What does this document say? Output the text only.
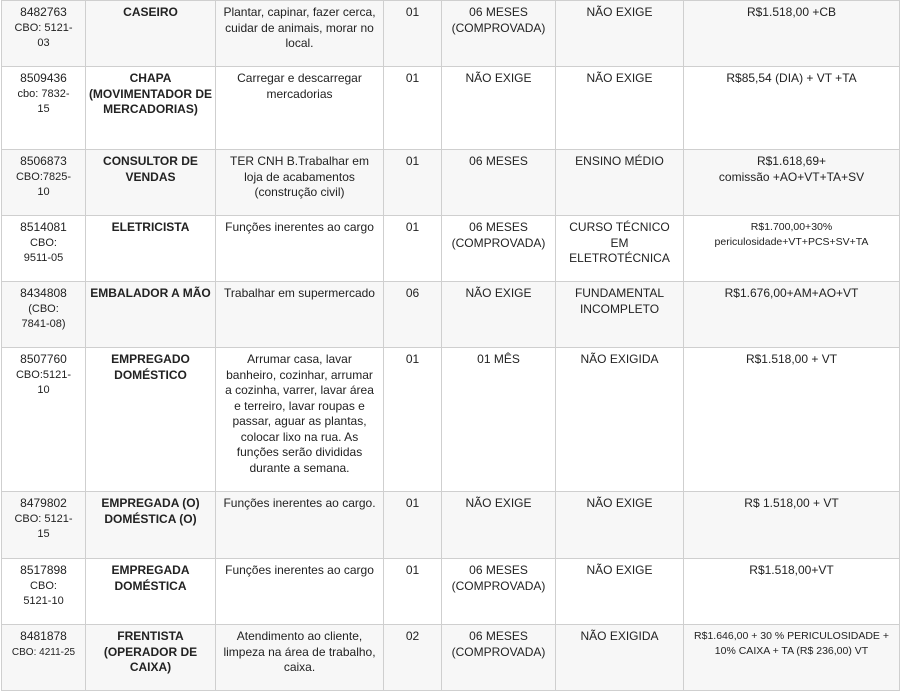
8482763
CBO: 5121-
03	CASEIRO	Plantar, capinar, fazer cerca, cuidar de animais, morar no local.	01	06 MESES (COMPROVADA)	NÃO EXIGE	R$1.518,00 +CB

8509436
cbo: 7832-
15	CHAPA (MOVIMENTADOR DE MERCADORIAS)	Carregar e descarregar mercadorias	01	NÃO EXIGE	NÃO EXIGE	R$85,54 (DIA) + VT +TA

8506873
CBO:7825-
10	CONSULTOR DE VENDAS	TER CNH B.Trabalhar em loja de acabamentos (construção civil)	01	06 MESES	ENSINO MÉDIO	R$1.618,69+
comissão +AO+VT+TA+SV

8514081
CBO:
9511-05	ELETRICISTA	Funções inerentes ao cargo	01	06 MESES (COMPROVADA)	CURSO TÉCNICO EM ELETROTÉCNICA	R$1.700,00+30%
periculosidade+VT+PCS+SV+TA

8434808
(CBO:
7841-08)	EMBALADOR A MÃO	Trabalhar em supermercado	06	NÃO EXIGE	FUNDAMENTAL INCOMPLETO	R$1.676,00+AM+AO+VT

8507760
CBO:5121-
10	EMPREGADO DOMÉSTICO	Arrumar casa, lavar banheiro, cozinhar, arrumar a cozinha, varrer, lavar área e terreiro, lavar roupas e passar, aguar as plantas, colocar lixo na rua. As funções serão divididas durante a semana.	01	01 MÊS	NÃO EXIGIDA	R$1.518,00 + VT

8479802
CBO: 5121-
15	EMPREGADA (O) DOMÉSTICA (O)	Funções inerentes ao cargo.	01	NÃO EXIGE	NÃO EXIGE	R$ 1.518,00 + VT

8517898
CBO:
5121-10	EMPREGADA DOMÉSTICA	Funções inerentes ao cargo	01	06 MESES (COMPROVADA)	NÃO EXIGE	R$1.518,00+VT

8481878
CBO: 4211-25	FRENTISTA (OPERADOR DE CAIXA)	Atendimento ao cliente, limpeza na área de trabalho, caixa.	02	06 MESES (COMPROVADA)	NÃO EXIGIDA	R$1.646,00 + 30 % PERICULOSIDADE + 10% CAIXA + TA (R$ 236,00) VT
